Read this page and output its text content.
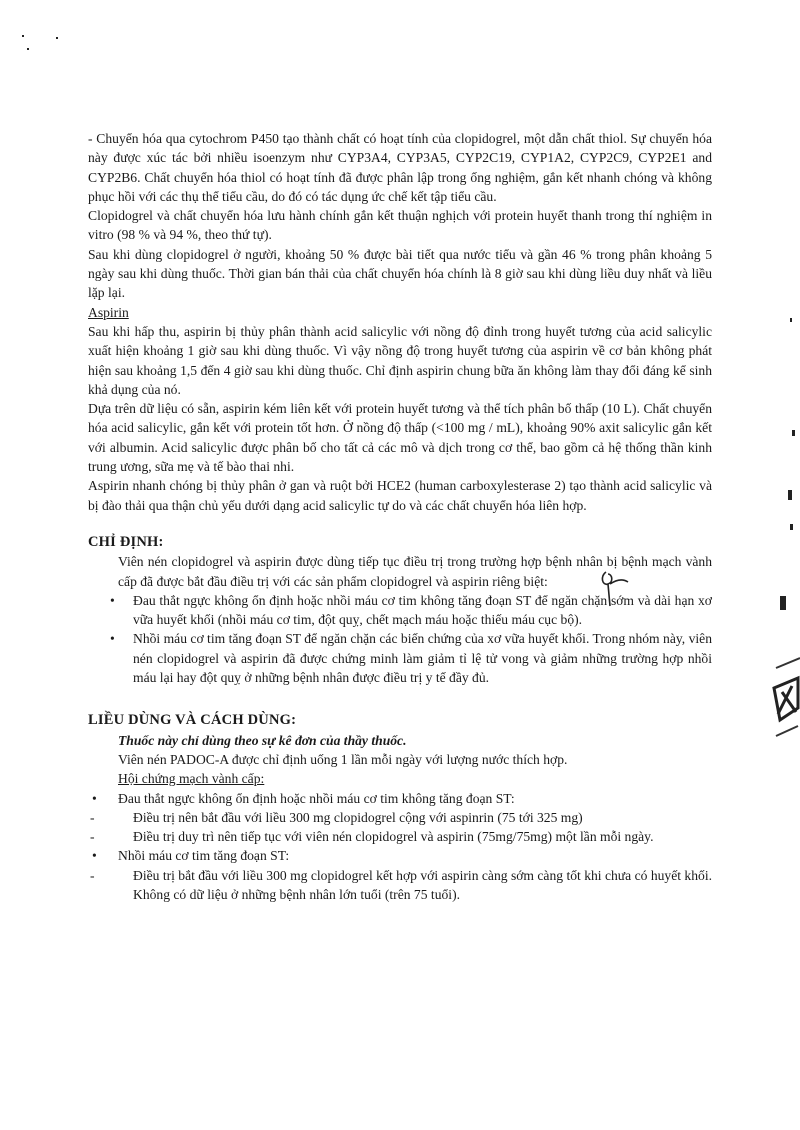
- Chuyển hóa qua cytochrom P450 tạo thành chất có hoạt tính của clopidogrel, một dẫn chất thiol. Sự chuyển hóa này được xúc tác bởi nhiều isoenzym như CYP3A4, CYP3A5, CYP2C19, CYP1A2, CYP2C9, CYP2E1 and CYP2B6. Chất chuyển hóa thiol có hoạt tính đã được phân lập trong ống nghiệm, gắn kết nhanh chóng và không phục hồi với các thụ thể tiểu cầu, do đó có tác dụng ức chế kết tập tiểu cầu.

Clopidogrel và chất chuyển hóa lưu hành chính gắn kết thuận nghịch với protein huyết thanh trong thí nghiệm in vitro (98 % và 94 %, theo thứ tự).

Sau khi dùng clopidogrel ở người, khoảng 50 % được bài tiết qua nước tiểu và gần 46 % trong phân khoảng 5 ngày sau khi dùng thuốc. Thời gian bán thải của chất chuyển hóa chính là 8 giờ sau khi dùng liều duy nhất và liều lặp lại.

Aspirin

Sau khi hấp thu, aspirin bị thủy phân thành acid salicylic với nồng độ đỉnh trong huyết tương của acid salicylic xuất hiện khoảng 1 giờ sau khi dùng thuốc. Vì vậy nồng độ trong huyết tương của aspirin về cơ bản không phát hiện sau khoảng 1,5 đến 4 giờ sau khi dùng thuốc. Chỉ định aspirin chung bữa ăn không làm thay đổi đáng kể sinh khả dụng của nó.

Dựa trên dữ liệu có sẵn, aspirin kém liên kết với protein huyết tương và thể tích phân bố thấp (10 L). Chất chuyển hóa acid salicylic, gắn kết với protein tốt hơn. Ở nồng độ thấp (<100 mg / mL), khoảng 90% axit salicylic gắn kết với albumin. Acid salicylic được phân bố cho tất cả các mô và dịch trong cơ thể, bao gồm cả hệ thống thần kinh trung ương, sữa mẹ và tế bào thai nhi.

Aspirin nhanh chóng bị thủy phân ở gan và ruột bởi HCE2 (human carboxylesterase 2) tạo thành acid salicylic và bị đào thải qua thận chủ yếu dưới dạng acid salicylic tự do và các chất chuyển hóa liên hợp.

CHỈ ĐỊNH:

Viên nén clopidogrel và aspirin được dùng tiếp tục điều trị trong trường hợp bệnh nhân bị bệnh mạch vành cấp đã được bắt đầu điều trị với các sản phẩm clopidogrel và aspirin riêng biệt:

• Đau thắt ngực không ổn định hoặc nhồi máu cơ tim không tăng đoạn ST để ngăn chặn sớm và dài hạn xơ vữa huyết khối (nhồi máu cơ tim, đột quỵ, chết mạch máu hoặc thiếu máu cục bộ).
• Nhồi máu cơ tim tăng đoạn ST để ngăn chặn các biến chứng của xơ vữa huyết khối. Trong nhóm này, viên nén clopidogrel và aspirin đã được chứng minh làm giảm tỉ lệ tử vong và giảm những trường hợp nhồi máu lại hay đột quỵ ở những bệnh nhân được điều trị y tế đầy đủ.

LIỀU DÙNG VÀ CÁCH DÙNG:

Thuốc này chỉ dùng theo sự kê đơn của thầy thuốc.

Viên nén PADOC-A được chỉ định uống 1 lần mỗi ngày với lượng nước thích hợp.

Hội chứng mạch vành cấp:

• Đau thắt ngực không ổn định hoặc nhồi máu cơ tim không tăng đoạn ST:
-	Điều trị nên bắt đầu với liều 300 mg clopidogrel cộng với aspinrin (75 tới 325 mg)
-	Điều trị duy trì nên tiếp tục với viên nén clopidogrel và aspirin (75mg/75mg) một lần mỗi ngày.
• Nhồi máu cơ tim tăng đoạn ST:
-	Điều trị bắt đầu với liều 300 mg clopidogrel kết hợp với aspirin càng sớm càng tốt khi chưa có huyết khối. Không có dữ liệu ở những bệnh nhân lớn tuổi (trên 75 tuổi).
